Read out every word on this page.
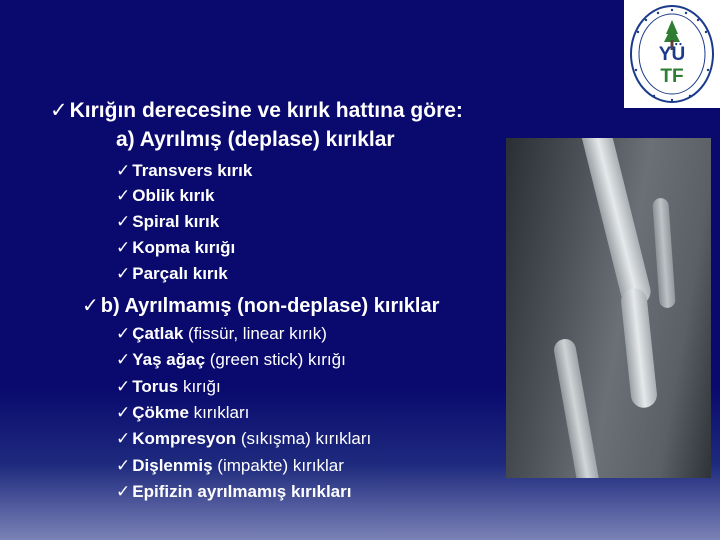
YÜ
TF
✓Kırığın derecesine ve kırık hattına göre:
a) Ayrılmış (deplase) kırıklar
✓ Transvers kırık
✓ Oblik kırık
✓ Spiral kırık
✓ Kopma kırığı
✓ Parçalı kırık
✓ b) Ayrılmamış (non-deplase) kırıklar
✓ Çatlak (fissür, linear kırık)
✓ Yaş ağaç (green stick) kırığı
✓ Torus kırığı
✓ Çökme kırıkları
✓ Kompresyon (sıkışma) kırıkları
✓ Dişlenmiş (impakte) kırıklar
✓ Epifizin ayrılmamış kırıkları
